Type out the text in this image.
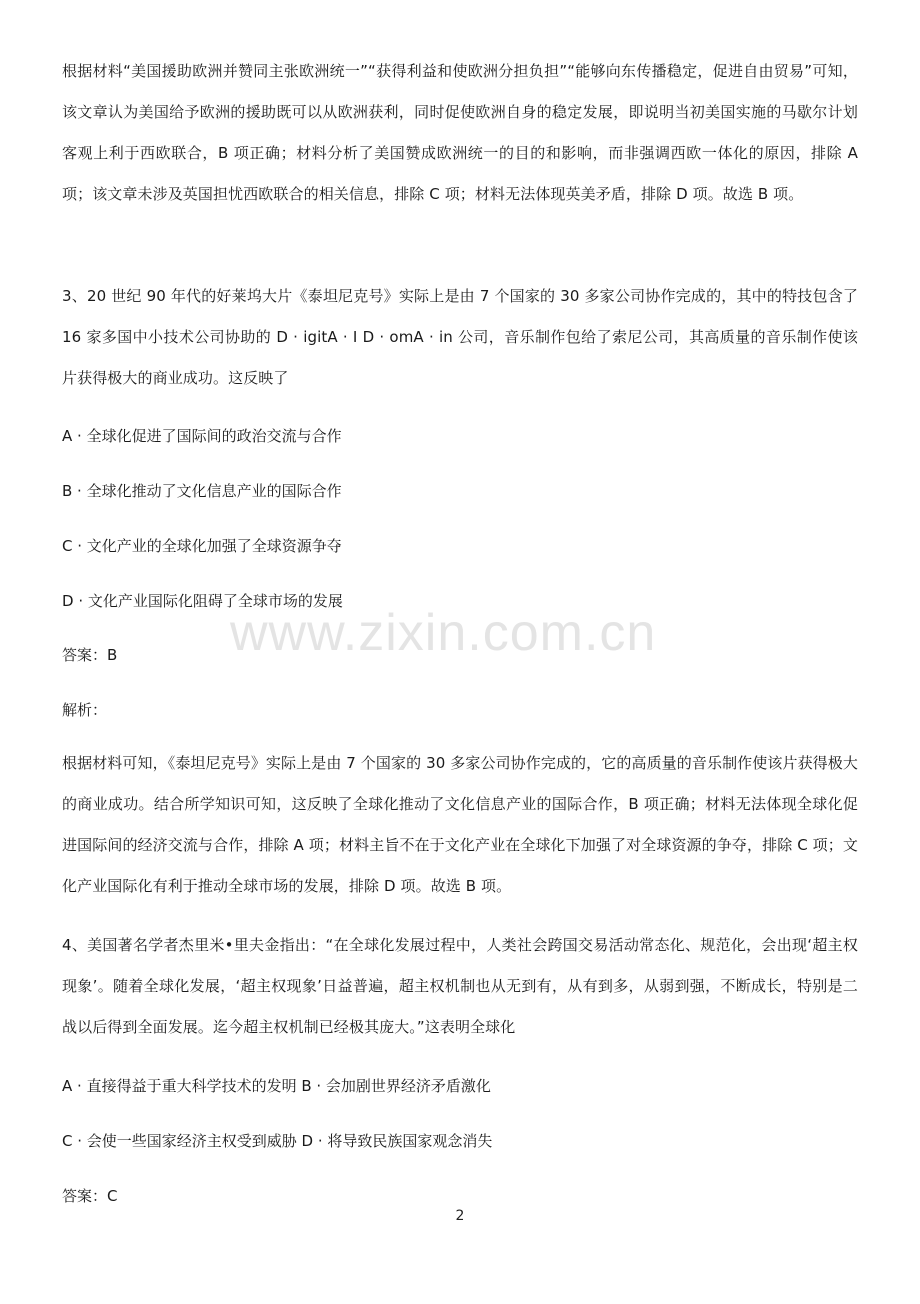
根据材料“美国援助欧洲并赞同主张欧洲统一”“获得利益和使欧洲分担负担”“能够向东传播稳定，促进自由贸易”可知，该文章认为美国给予欧洲的援助既可以从欧洲获利，同时促使欧洲自身的稳定发展，即说明当初美国实施的马歇尔计划客观上利于西欧联合，B 项正确；材料分析了美国赞成欧洲统一的目的和影响，而非强调西欧一体化的原因，排除 A 项；该文章未涉及英国担忧西欧联合的相关信息，排除 C 项；材料无法体现英美矛盾，排除 D 项。故选 B 项。

3、20 世纪 90 年代的好莱坞大片《泰坦尼克号》实际上是由 7 个国家的 30 多家公司协作完成的，其中的特技包含了 16 家多国中小技术公司协助的 D · igitA · I D · omA · in 公司，音乐制作包给了索尼公司，其高质量的音乐制作使该片获得极大的商业成功。这反映了

A · 全球化促进了国际间的政治交流与合作

B · 全球化推动了文化信息产业的国际合作

C · 文化产业的全球化加强了全球资源争夺

D · 文化产业国际化阻碍了全球市场的发展

答案：B

解析：

根据材料可知，《泰坦尼克号》实际上是由 7 个国家的 30 多家公司协作完成的，它的高质量的音乐制作使该片获得极大的商业成功。结合所学知识可知，这反映了全球化推动了文化信息产业的国际合作，B 项正确；材料无法体现全球化促进国际间的经济交流与合作，排除 A 项；材料主旨不在于文化产业在全球化下加强了对全球资源的争夺，排除 C 项；文化产业国际化有利于推动全球市场的发展，排除 D 项。故选 B 项。

4、美国著名学者杰里米•里夫金指出：“在全球化发展过程中，人类社会跨国交易活动常态化、规范化，会出现‘超主权现象’。随着全球化发展，‘超主权现象’日益普遍，超主权机制也从无到有，从有到多，从弱到强，不断成长，特别是二战以后得到全面发展。迄今超主权机制已经极其庞大。”这表明全球化

A · 直接得益于重大科学技术的发明 B · 会加剧世界经济矛盾激化

C · 会使一些国家经济主权受到威胁 D · 将导致民族国家观念消失

答案：C

www.zixin.com.cn
2
